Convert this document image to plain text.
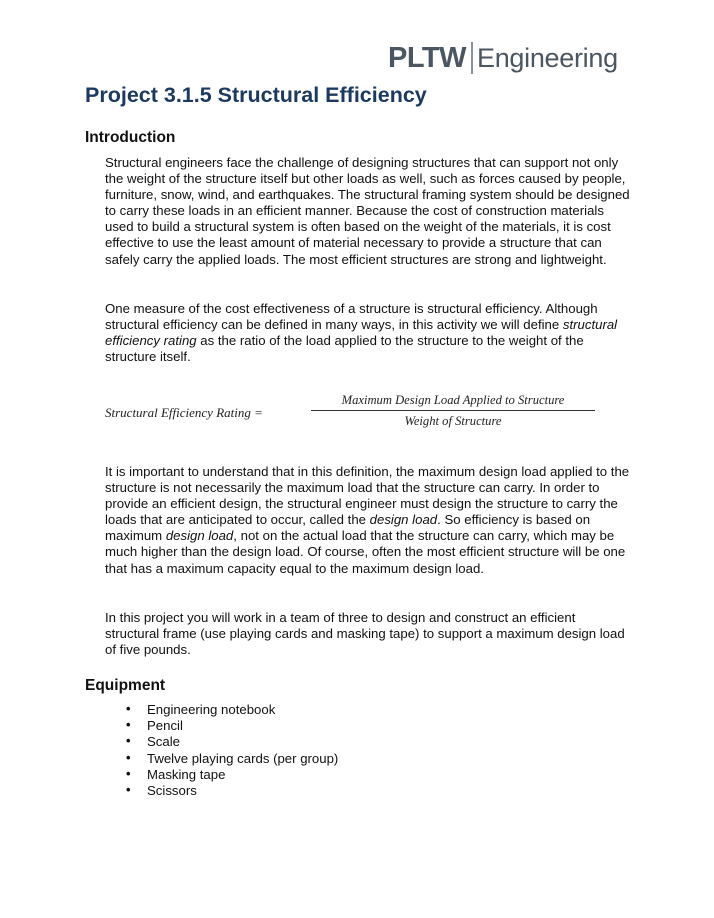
PLTW Engineering
Project 3.1.5 Structural Efficiency
Introduction

Structural engineers face the challenge of designing structures that can support not only the weight of the structure itself but other loads as well, such as forces caused by people, furniture, snow, wind, and earthquakes. The structural framing system should be designed to carry these loads in an efficient manner. Because the cost of construction materials used to build a structural system is often based on the weight of the materials, it is cost effective to use the least amount of material necessary to provide a structure that can safely carry the applied loads. The most efficient structures are strong and lightweight.

One measure of the cost effectiveness of a structure is structural efficiency. Although structural efficiency can be defined in many ways, in this activity we will define structural efficiency rating as the ratio of the load applied to the structure to the weight of the structure itself.

Structural Efficiency Rating =
Maximum Design Load Applied to Structure
Weight of Structure

It is important to understand that in this definition, the maximum design load applied to the structure is not necessarily the maximum load that the structure can carry. In order to provide an efficient design, the structural engineer must design the structure to carry the loads that are anticipated to occur, called the design load. So efficiency is based on maximum design load, not on the actual load that the structure can carry, which may be much higher than the design load. Of course, often the most efficient structure will be one that has a maximum capacity equal to the maximum design load.

In this project you will work in a team of three to design and construct an efficient structural frame (use playing cards and masking tape) to support a maximum design load of five pounds.

Equipment
• Engineering notebook
• Pencil
• Scale
• Twelve playing cards (per group)
• Masking tape
• Scissors
